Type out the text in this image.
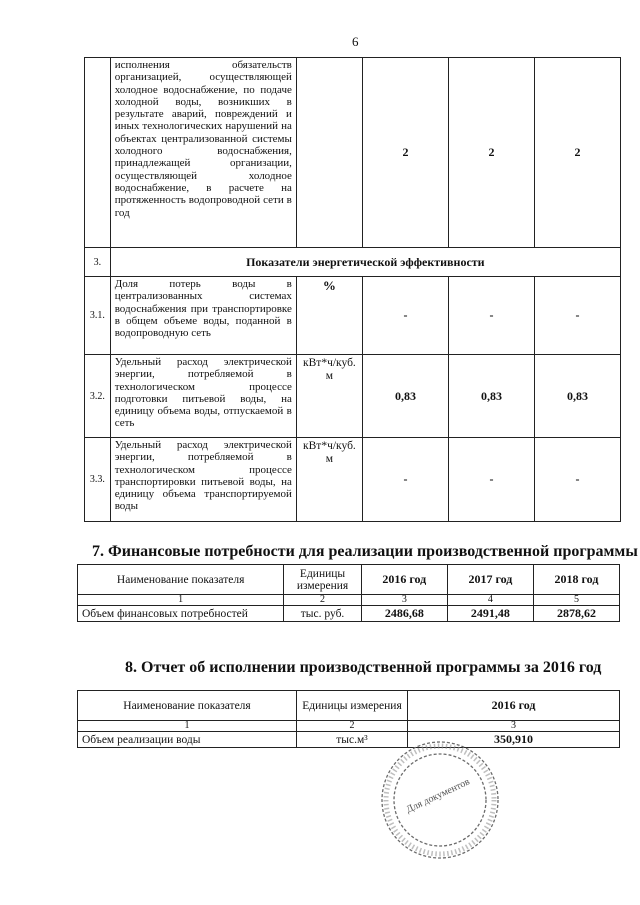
6
	исполнения обязательств организацией, осуществляющей холодное водоснабжение, по подаче холодной воды, возникших в результате аварий, повреждений и иных технологических нарушений на объектах централизованной системы холодного водоснабжения, принадлежащей организации, осуществляющей холодное водоснабжение, в расчете на протяженность водопроводной сети в год		2	2	2
3.	Показатели энергетической эффективности				
3.1.	Доля потерь воды в централизованных системах водоснабжения при транспортировке в общем объеме воды, поданной в водопроводную сеть	%	-	-	-
3.2.	Удельный расход электрической энергии, потребляемой в технологическом процессе подготовки питьевой воды, на единицу объема воды, отпускаемой в сеть	кВт*ч/куб. м	0,83	0,83	0,83
3.3.	Удельный расход электрической энергии, потребляемой в технологическом процессе транспортировки питьевой воды, на единицу объема транспортируемой воды	кВт*ч/куб. м	-	-	-
7. Финансовые потребности для реализации производственной программы
Наименование показателя	Единицы измерения	2016 год	2017 год	2018 год
1	2	3	4	5
Объем финансовых потребностей	тыс. руб.	2486,68	2491,48	2878,62
8. Отчет об исполнении производственной программы за 2016 год
Наименование показателя	Единицы измерения	2016 год
1	2	3
Объем реализации воды	тыс.м³	350,910
Для документов
